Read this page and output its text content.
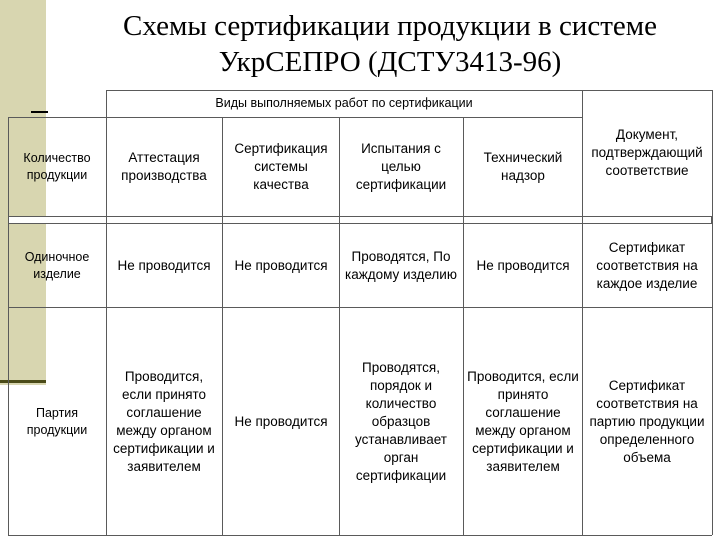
Схемы сертификации продукции в системе
УкрСЕПРО (ДСТУ3413-96)
Виды выполняемых работ по сертификации
Количество продукции
Аттестация производства
Сертификация системы качества
Испытания с целью сертификации
Технический надзор
Документ, подтверждающий соответствие
Одиночное изделие
Не проводится	Не проводится
Проводятся, По каждому изделию
Не проводится
Сертификат соответствия на каждое изделие
Партия продукции
Проводится, если принято соглашение между органом сертификации и заявителем
Не проводится
Проводятся, порядок и количество образцов устанавливает орган сертификации
Проводится, если принято соглашение между органом сертификации и заявителем
Сертификат соответствия на партию продукции определенного объема
